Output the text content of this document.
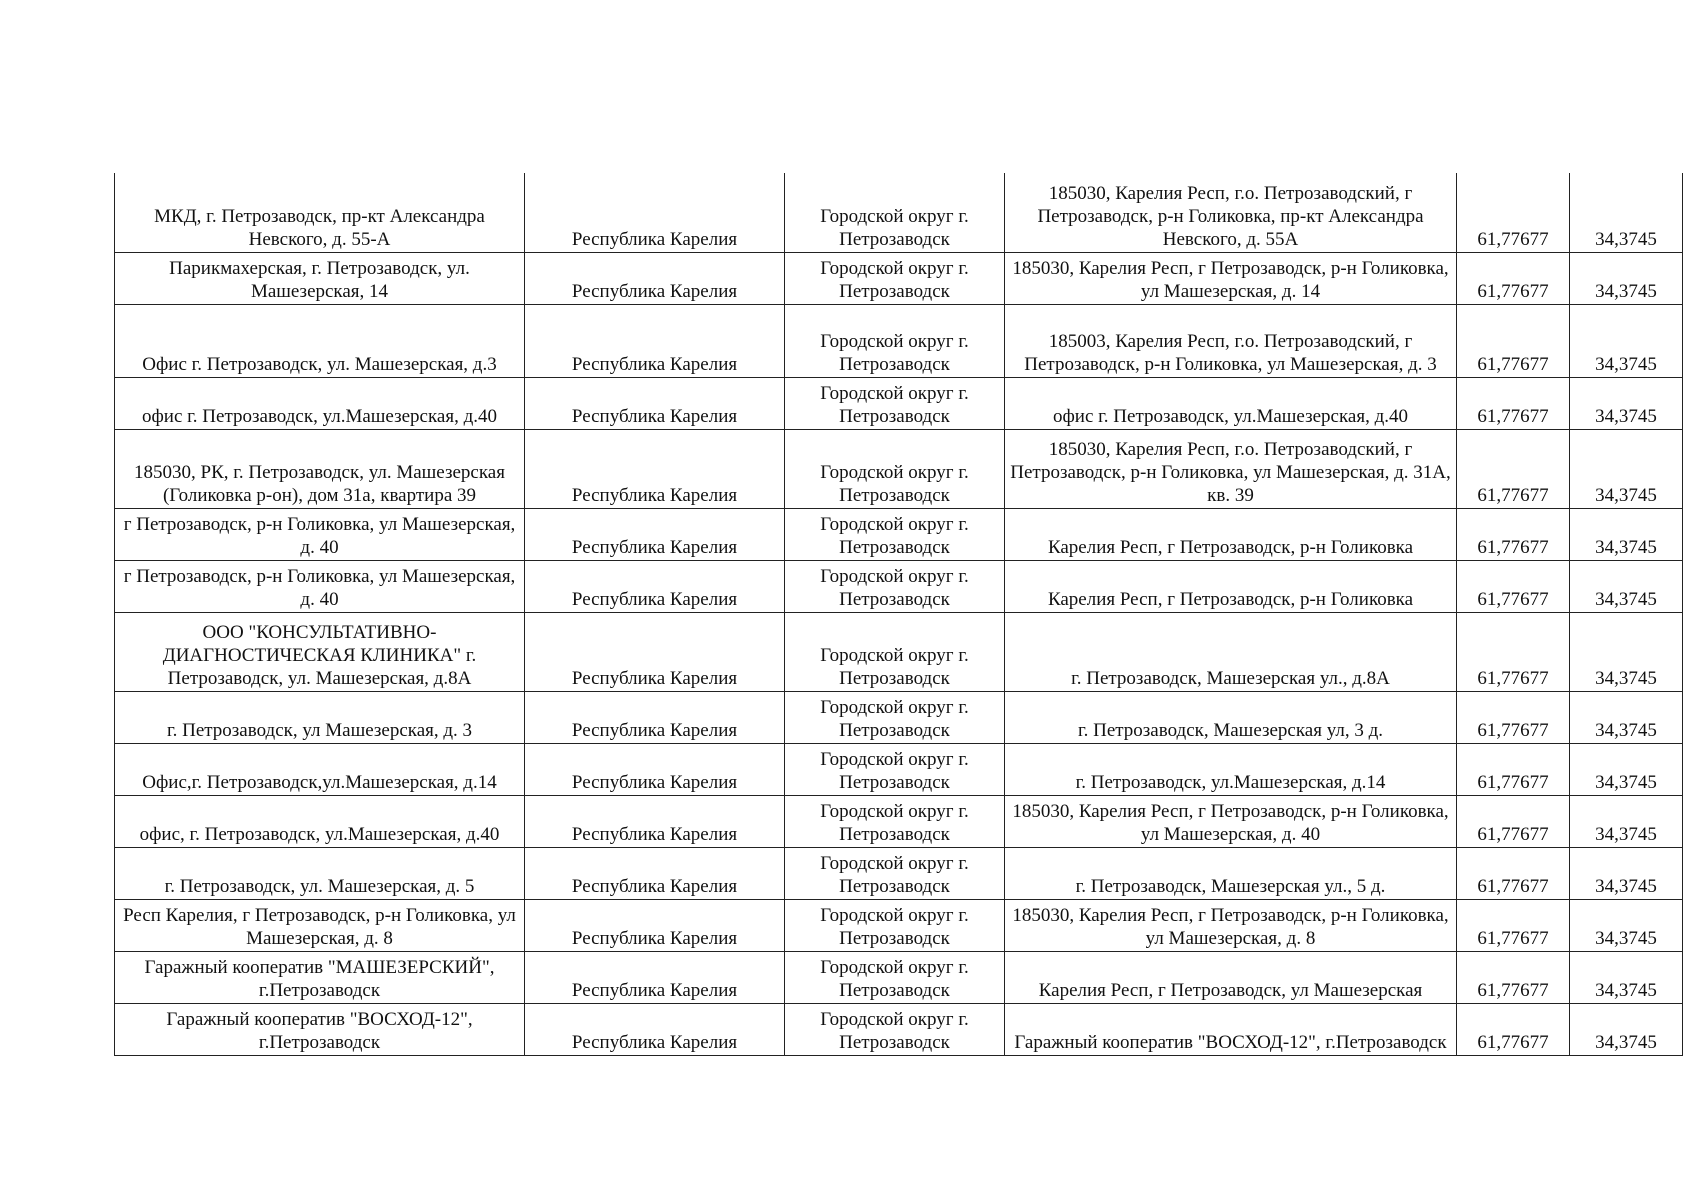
МКД, г. Петрозаводск, пр-кт Александра Невского, д. 55-А	Республика Карелия	Городской округ г. Петрозаводск	185030, Карелия Респ, г.о. Петрозаводский, г Петрозаводск, р-н Голиковка, пр-кт Александра Невского, д. 55А	61,77677	34,3745
Парикмахерская, г. Петрозаводск, ул. Машезерская, 14	Республика Карелия	Городской округ г. Петрозаводск	185030, Карелия Респ, г Петрозаводск, р-н Голиковка, ул Машезерская, д. 14	61,77677	34,3745
Офис г. Петрозаводск, ул. Машезерская, д.3	Республика Карелия	Городской округ г. Петрозаводск	185003, Карелия Респ, г.о. Петрозаводский, г Петрозаводск, р-н Голиковка, ул Машезерская, д. 3	61,77677	34,3745
офис г. Петрозаводск, ул.Машезерская, д.40	Республика Карелия	Городской округ г. Петрозаводск	офис г. Петрозаводск, ул.Машезерская, д.40	61,77677	34,3745
185030, РК, г. Петрозаводск, ул. Машезерская (Голиковка р-он), дом 31а, квартира 39	Республика Карелия	Городской округ г. Петрозаводск	185030, Карелия Респ, г.о. Петрозаводский, г Петрозаводск, р-н Голиковка, ул Машезерская, д. 31А, кв. 39	61,77677	34,3745
г Петрозаводск, р-н Голиковка, ул Машезерская, д. 40	Республика Карелия	Городской округ г. Петрозаводск	Карелия Респ, г Петрозаводск, р-н Голиковка	61,77677	34,3745
г Петрозаводск, р-н Голиковка, ул Машезерская, д. 40	Республика Карелия	Городской округ г. Петрозаводск	Карелия Респ, г Петрозаводск, р-н Голиковка	61,77677	34,3745
ООО "КОНСУЛЬТАТИВНО-ДИАГНОСТИЧЕСКАЯ КЛИНИКА" г. Петрозаводск, ул. Машезерская, д.8А	Республика Карелия	Городской округ г. Петрозаводск	г. Петрозаводск, Машезерская ул., д.8А	61,77677	34,3745
г. Петрозаводск, ул Машезерская, д. 3	Республика Карелия	Городской округ г. Петрозаводск	г. Петрозаводск, Машезерская ул, 3 д.	61,77677	34,3745
Офис,г. Петрозаводск,ул.Машезерская, д.14	Республика Карелия	Городской округ г. Петрозаводск	г. Петрозаводск, ул.Машезерская, д.14	61,77677	34,3745
офис, г. Петрозаводск, ул.Машезерская, д.40	Республика Карелия	Городской округ г. Петрозаводск	185030, Карелия Респ, г Петрозаводск, р-н Голиковка, ул Машезерская, д. 40	61,77677	34,3745
г. Петрозаводск, ул. Машезерская, д. 5	Республика Карелия	Городской округ г. Петрозаводск	г. Петрозаводск, Машезерская ул., 5 д.	61,77677	34,3745
Респ Карелия, г Петрозаводск, р-н Голиковка, ул Машезерская, д. 8	Республика Карелия	Городской округ г. Петрозаводск	185030, Карелия Респ, г Петрозаводск, р-н Голиковка, ул Машезерская, д. 8	61,77677	34,3745
Гаражный кооператив "МАШЕЗЕРСКИЙ", г.Петрозаводск	Республика Карелия	Городской округ г. Петрозаводск	Карелия Респ, г Петрозаводск, ул Машезерская	61,77677	34,3745
Гаражный кооператив "ВОСХОД-12", г.Петрозаводск	Республика Карелия	Городской округ г. Петрозаводск	Гаражный кооператив "ВОСХОД-12", г.Петрозаводск	61,77677	34,3745
